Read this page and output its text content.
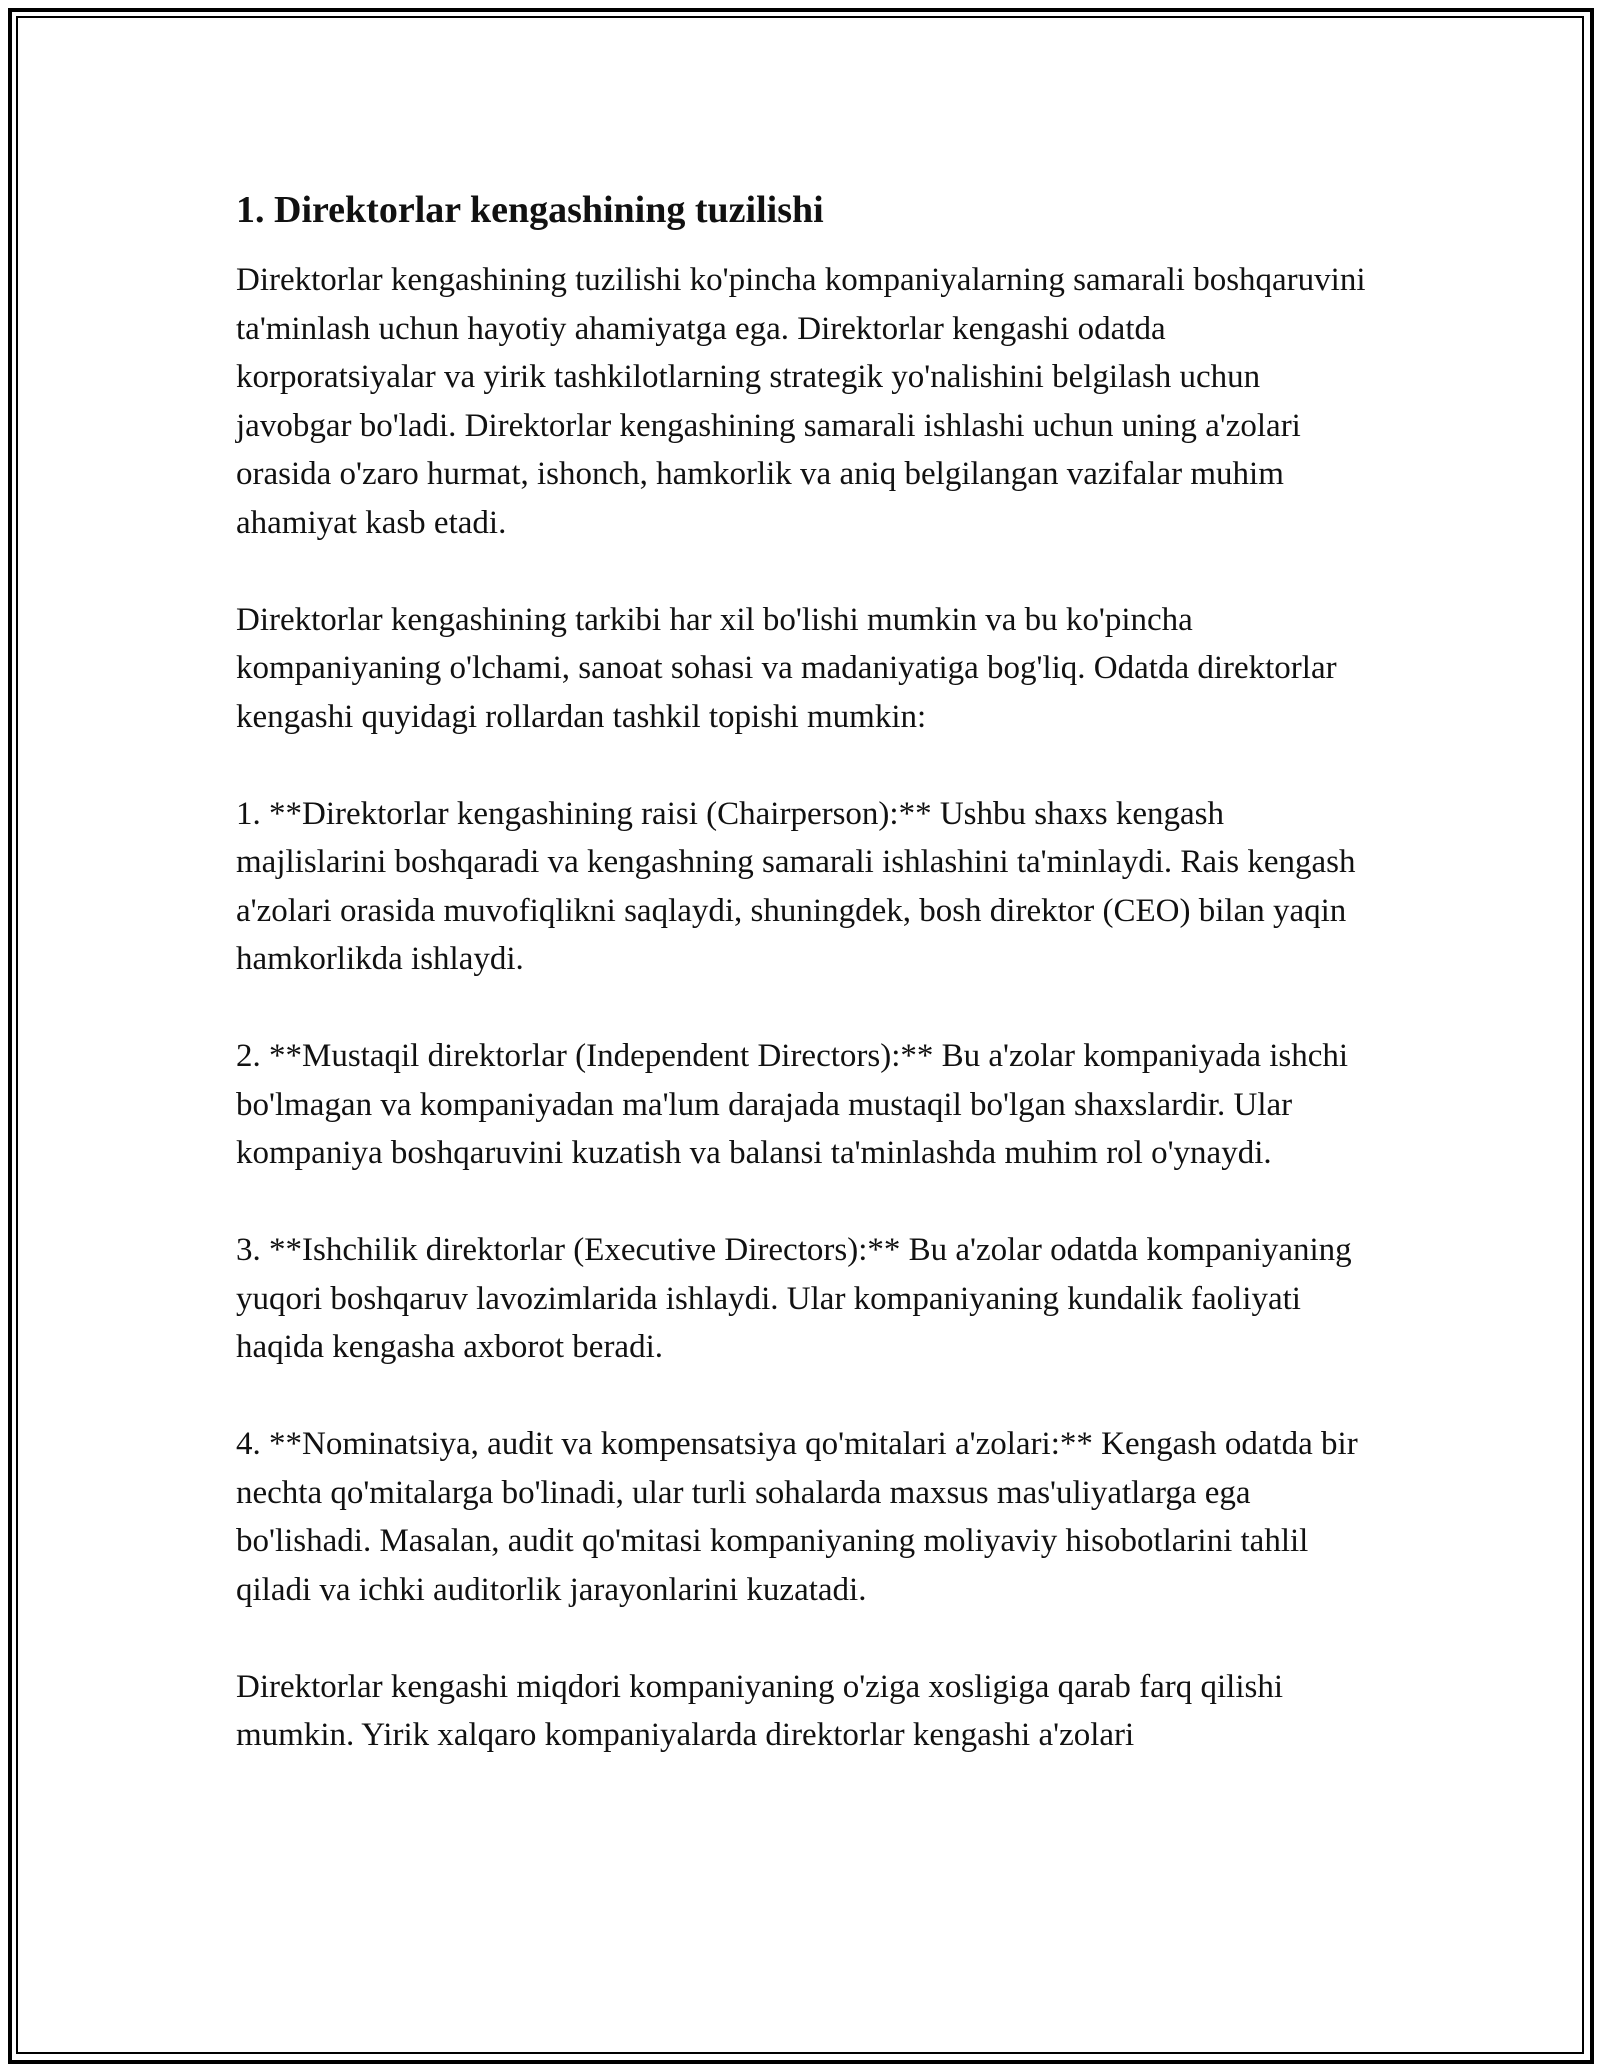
1. Direktorlar kengashining tuzilishi

Direktorlar kengashining tuzilishi ko'pincha kompaniyalarning samarali boshqaruvini ta'minlash uchun hayotiy ahamiyatga ega. Direktorlar kengashi odatda korporatsiyalar va yirik tashkilotlarning strategik yo'nalishini belgilash uchun javobgar bo'ladi. Direktorlar kengashining samarali ishlashi uchun uning a'zolari orasida o'zaro hurmat, ishonch, hamkorlik va aniq belgilangan vazifalar muhim ahamiyat kasb etadi.

Direktorlar kengashining tarkibi har xil bo'lishi mumkin va bu ko'pincha kompaniyaning o'lchami, sanoat sohasi va madaniyatiga bog'liq. Odatda direktorlar kengashi quyidagi rollardan tashkil topishi mumkin:

1. **Direktorlar kengashining raisi (Chairperson):** Ushbu shaxs kengash majlislarini boshqaradi va kengashning samarali ishlashini ta'minlaydi. Rais kengash a'zolari orasida muvofiqlikni saqlaydi, shuningdek, bosh direktor (CEO) bilan yaqin hamkorlikda ishlaydi.

2. **Mustaqil direktorlar (Independent Directors):** Bu a'zolar kompaniyada ishchi bo'lmagan va kompaniyadan ma'lum darajada mustaqil bo'lgan shaxslardir. Ular kompaniya boshqaruvini kuzatish va balansi ta'minlashda muhim rol o'ynaydi.

3. **Ishchilik direktorlar (Executive Directors):** Bu a'zolar odatda kompaniyaning yuqori boshqaruv lavozimlarida ishlaydi. Ular kompaniyaning kundalik faoliyati haqida kengasha axborot beradi.

4. **Nominatsiya, audit va kompensatsiya qo'mitalari a'zolari:** Kengash odatda bir nechta qo'mitalarga bo'linadi, ular turli sohalarda maxsus mas'uliyatlarga ega bo'lishadi. Masalan, audit qo'mitasi kompaniyaning moliyaviy hisobotlarini tahlil qiladi va ichki auditorlik jarayonlarini kuzatadi.

Direktorlar kengashi miqdori kompaniyaning o'ziga xosligiga qarab farq qilishi mumkin. Yirik xalqaro kompaniyalarda direktorlar kengashi a'zolari
